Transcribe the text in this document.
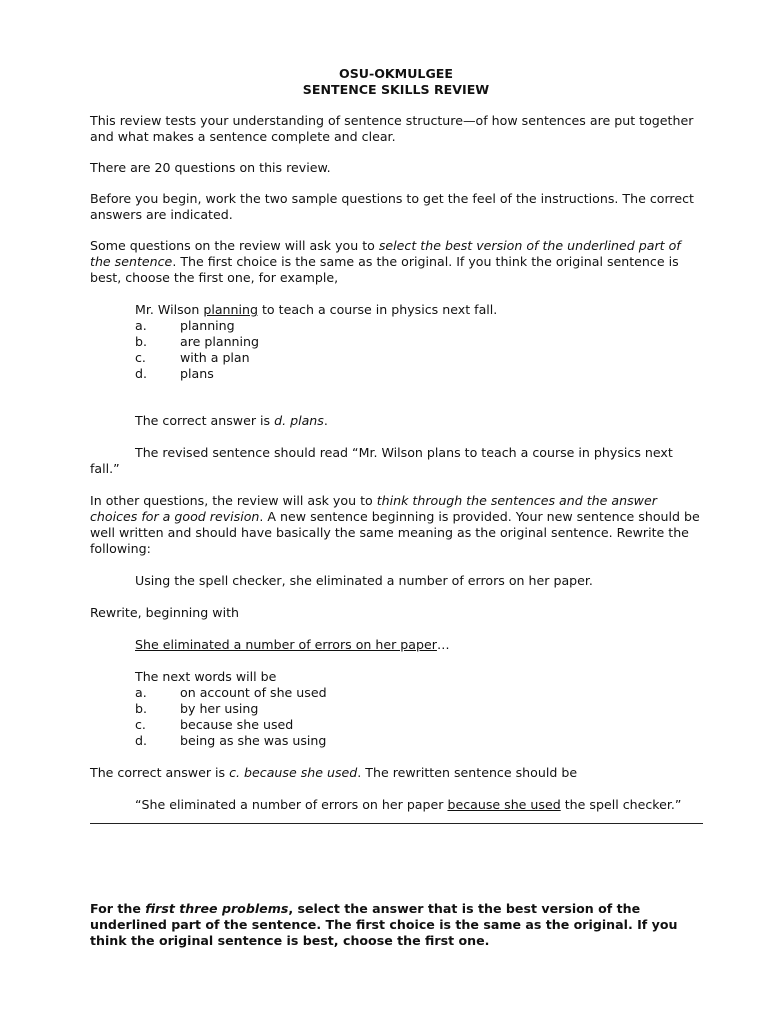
OSU-OKMULGEE

SENTENCE SKILLS REVIEW

This review tests your understanding of sentence structure—of how sentences are put together and what makes a sentence complete and clear.

There are 20 questions on this review.

Before you begin, work the two sample questions to get the feel of the instructions. The correct answers are indicated.

Some questions on the review will ask you to select the best version of the underlined part of the sentence. The first choice is the same as the original. If you think the original sentence is best, choose the first one, for example,

Mr. Wilson planning to teach a course in physics next fall.

a.	planning
b.	are planning
c.	with a plan
d.	plans

The correct answer is d. plans.

The revised sentence should read “Mr. Wilson plans to teach a course in physics next fall.”

In other questions, the review will ask you to think through the sentences and the answer choices for a good revision. A new sentence beginning is provided. Your new sentence should be well written and should have basically the same meaning as the original sentence. Rewrite the following:

Using the spell checker, she eliminated a number of errors on her paper.

Rewrite, beginning with

She eliminated a number of errors on her paper…

The next words will be

a.	on account of she used
b.	by her using
c.	because she used
d.	being as she was using

The correct answer is c. because she used. The rewritten sentence should be

“She eliminated a number of errors on her paper because she used the spell checker.”

For the first three problems, select the answer that is the best version of the underlined part of the sentence. The first choice is the same as the original. If you think the original sentence is best, choose the first one.
